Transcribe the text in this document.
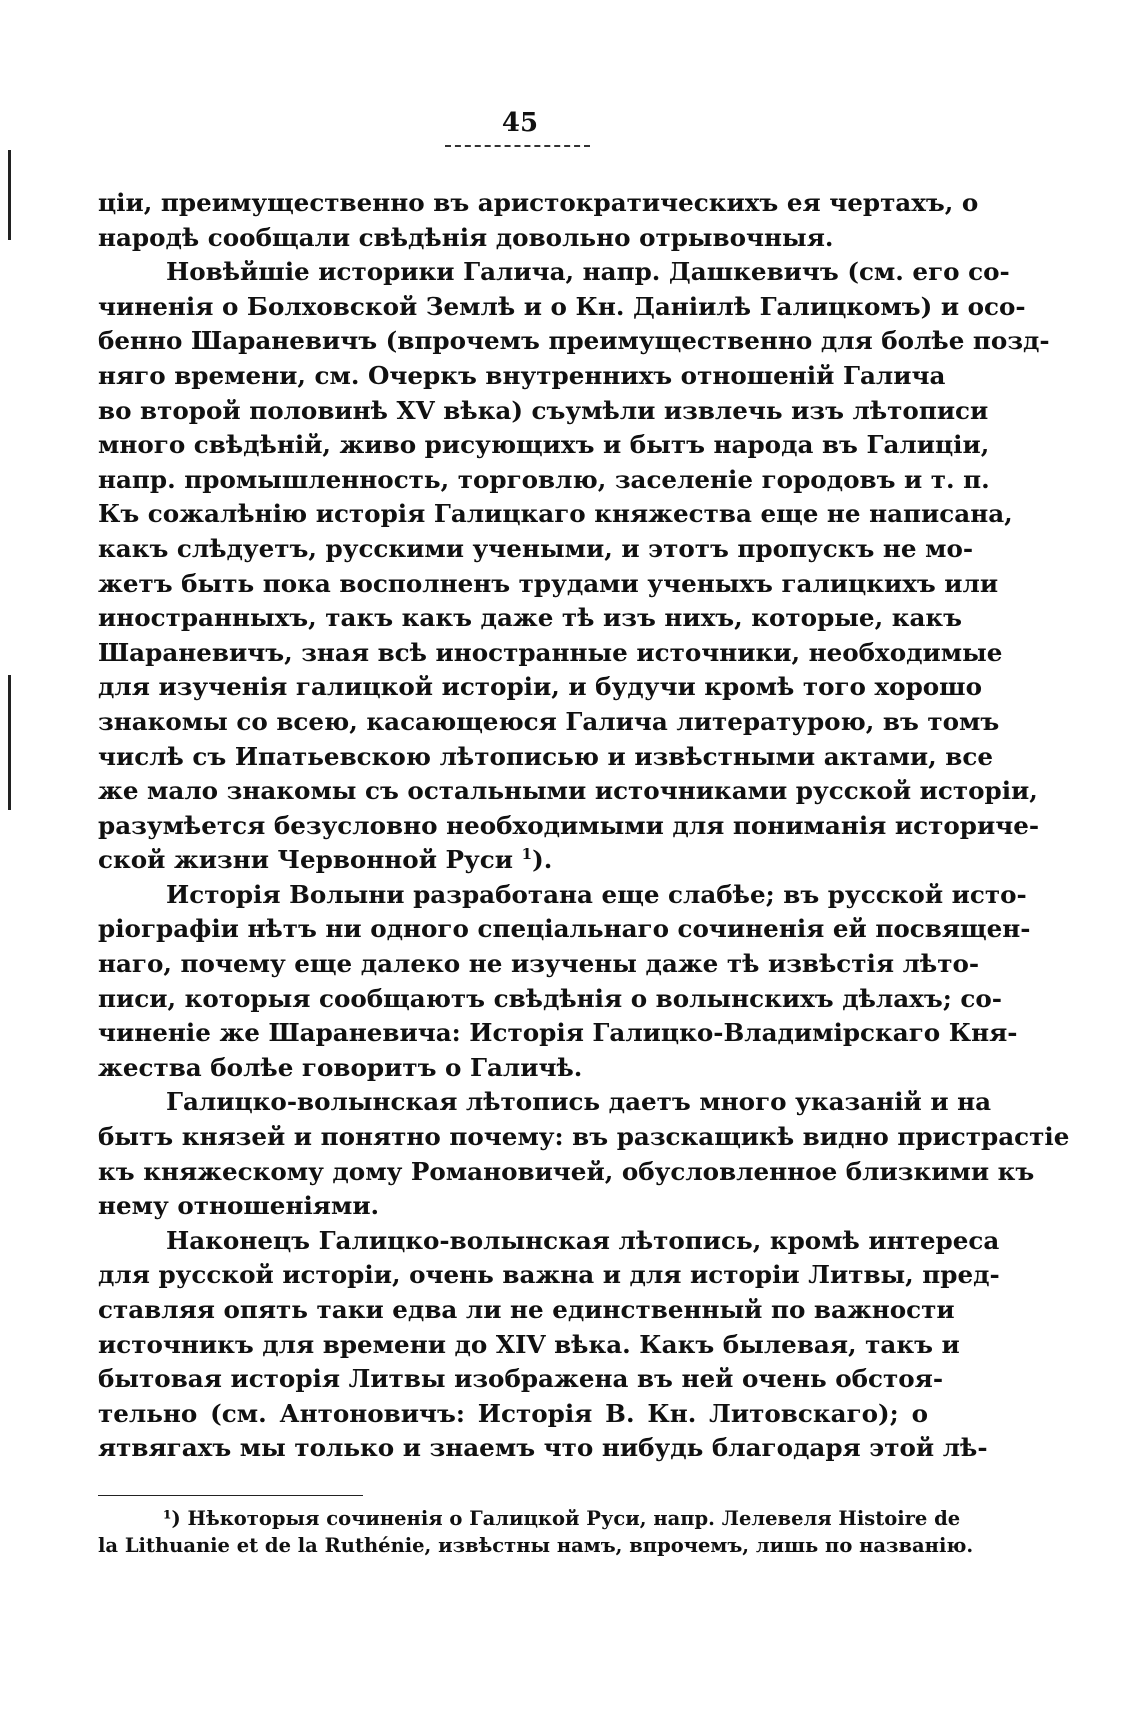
45
ціи, преимущественно въ аристократическихъ ея чертахъ, о
народѣ сообщали свѣдѣнія довольно отрывочныя.
Новѣйшіе историки Галича, напр. Дашкевичъ (см. его со-
чиненія о Болховской Землѣ и о Кн. Даніилѣ Галицкомъ) и осо-
бенно Шараневичъ (впрочемъ преимущественно для болѣе позд-
няго времени, см. Очеркъ внутреннихъ отношеній Галича
во второй половинѣ XV вѣка) съумѣли извлечь изъ лѣтописи
много свѣдѣній, живо рисующихъ и бытъ народа въ Галиціи,
напр. промышленность, торговлю, заселеніе городовъ и т. п.
Къ сожалѣнію исторія Галицкаго княжества еще не написана,
какъ слѣдуетъ, русскими учеными, и этотъ пропускъ не мо-
жетъ быть пока восполненъ трудами ученыхъ галицкихъ или
иностранныхъ, такъ какъ даже тѣ изъ нихъ, которые, какъ
Шараневичъ, зная всѣ иностранные источники, необходимые
для изученія галицкой исторіи, и будучи кромѣ того хорошо
знакомы со всею, касающеюся Галича литературою, въ томъ
числѣ съ Ипатьевскою лѣтописью и извѣстными актами, все
же мало знакомы съ остальными источниками русской исторіи,
разумѣется безусловно необходимыми для пониманія историче-
ской жизни Червонной Руси $^1$).
Исторія Волыни разработана еще слабѣе; въ русской исто-
ріографіи нѣтъ ни одного спеціальнаго сочиненія ей посвящен-
наго, почему еще далеко не изучены даже тѣ извѣстія лѣто-
писи, которыя сообщаютъ свѣдѣнія о волынскихъ дѣлахъ; со-
чиненіе же Шараневича: Исторія Галицко-Владимірскаго Кня-
жества болѣе говоритъ о Галичѣ.
Галицко-волынская лѣтопись даетъ много указаній и на
бытъ князей и понятно почему: въ разскащикѣ видно пристрастіе
къ княжескому дому Романовичей, обусловленное близкими къ
нему отношеніями.
Наконецъ Галицко-волынская лѣтопись, кромѣ интереса
для русской исторіи, очень важна и для исторіи Литвы, пред-
ставляя опять таки едва ли не единственный по важности
источникъ для времени до XIV вѣка. Какъ былевая, такъ и
бытовая исторія Литвы изображена въ ней очень обстоя-
тельно (см. Антоновичъ: Исторія В. Кн. Литовскаго); о
ятвягахъ мы только и знаемъ что нибудь благодаря этой лѣ-
¹) Нѣкоторыя сочиненія о Галицкой Руси, напр. Лелевеля Histoire de
la Lithuanie et de la Ruthénie, извѣстны намъ, впрочемъ, лишь по названію.
